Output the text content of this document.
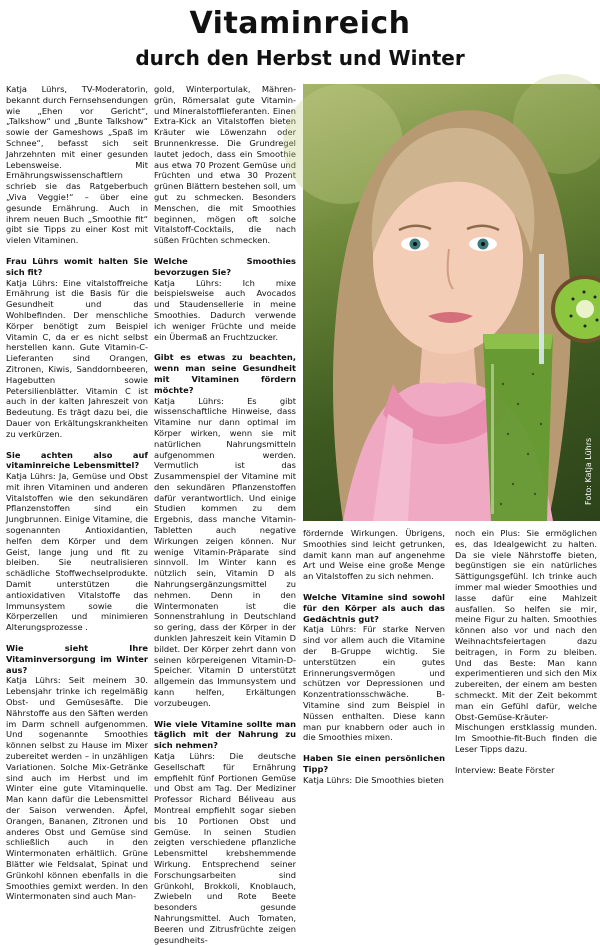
Vitaminreich
durch den Herbst und Winter

Katja Lührs, TV-Moderatorin, bekannt durch Fernsehsendungen wie „Ehen vor Gericht“, „Talkshow“ und „Bunte Talkshow“ sowie der Gameshows „Spaß im Schnee“, befasst sich seit Jahrzehnten mit einer gesunden Lebensweise. Mit Ernährungswissenschaftlern schrieb sie das Ratgeberbuch „Viva Veggie!“ – über eine gesunde Ernährung. Auch in ihrem neuen Buch „Smoothie fit“ gibt sie Tipps zu einer Kost mit vielen Vitaminen.

Frau Lührs womit halten Sie sich fit?

Katja Lührs: Eine vitalstoffreiche Ernährung ist die Basis für die Gesundheit und das Wohlbefinden. Der menschliche Körper benötigt zum Beispiel Vitamin C, da er es nicht selbst herstellen kann. Gute Vitamin-C-Lieferanten sind Orangen, Zitronen, Kiwis, Sanddornbeeren, Hagebutten sowie Petersilienblätter. Vitamin C ist auch in der kalten Jahreszeit von Bedeutung. Es trägt dazu bei, die Dauer von Erkältungskrankheiten zu verkürzen.

Sie achten also auf vitaminreiche Lebensmittel?

Katja Lührs: Ja, Gemüse und Obst mit ihren Vitaminen und anderen Vitalstoffen wie den sekundären Pflanzenstoffen sind ein Jungbrunnen. Einige Vitamine, die sogenannten Antioxidantien, helfen dem Körper und dem Geist, lange jung und fit zu bleiben. Sie neutralisieren schädliche Stoffwechselprodukte. Damit unterstützen die antioxidativen Vitalstoffe das Immunsystem sowie die Körperzellen und minimieren Alterungsprozesse .

Wie sieht Ihre Vitaminversorgung im Winter aus?

Katja Lührs: Seit meinem 30. Lebensjahr trinke ich regelmäßig Obst- und Gemüsesäfte. Die Nährstoffe aus den Säften werden im Darm schnell aufgenommen. Und sogenannte Smoothies können selbst zu Hause im Mixer zubereitet werden – in unzähligen Variationen. Solche Mix-Getränke sind auch im Herbst und im Winter eine gute Vitaminquelle. Man kann dafür die Lebensmittel der Saison verwenden. Äpfel, Orangen, Bananen, Zitronen und anderes Obst und Gemüse sind schließlich auch in den Wintermonaten erhältlich. Grüne Blätter wie Feldsalat, Spinat und Grünkohl können ebenfalls in die Smoothies gemixt werden. In den Wintermonaten sind auch Man-

gold, Winterportulak, Mährengrün, Römersalat gute Vitamin- und Mineralstofflieferanten. Einen Extra-Kick an Vitalstoffen bieten Kräuter wie Löwenzahn oder Brunnenkresse. Die Grundregel lautet jedoch, dass ein Smoothie aus etwa 70 Prozent Gemüse und Früchten und etwa 30 Prozent grünen Blättern bestehen soll, um gut zu schmecken. Besonders Menschen, die mit Smoothies beginnen, mögen oft solche Vitalstoff-Cocktails, die nach süßen Früchten schmecken.

Welche Smoothies bevorzugen Sie?

Katja Lührs: Ich mixe beispielsweise auch Avocados und Staudensellerie in meine Smoothies. Dadurch verwende ich weniger Früchte und meide ein Übermaß an Fruchtzucker.

Gibt es etwas zu beachten, wenn man seine Gesundheit mit Vitaminen fördern möchte?

Katja Lührs: Es gibt wissenschaftliche Hinweise, dass Vitamine nur dann optimal im Körper wirken, wenn sie mit natürlichen Nahrungsmitteln aufgenommen werden. Vermutlich ist das Zusammenspiel der Vitamine mit den sekundären Pflanzenstoffen dafür verantwortlich. Und einige Studien kommen zu dem Ergebnis, dass manche Vitamin-Tabletten auch negative Wirkungen zeigen können. Nur wenige Vitamin-Präparate sind sinnvoll. Im Winter kann es nützlich sein, Vitamin D als Nahrungsergänzungsmittel zu nehmen. Denn in den Wintermonaten ist die Sonnenstrahlung in Deutschland so gering, dass der Körper in der dunklen Jahreszeit kein Vitamin D bildet. Der Körper zehrt dann von seinen körpereigenen Vitamin-D-Speicher. Vitamin D unterstützt allgemein das Immunsystem und kann helfen, Erkältungen vorzubeugen.

Wie viele Vitamine sollte man täglich mit der Nahrung zu sich nehmen?

Katja Lührs: Die deutsche Gesellschaft für Ernährung empfiehlt fünf Portionen Gemüse und Obst am Tag. Der Mediziner Professor Richard Béliveau aus Montreal empfiehlt sogar sieben bis 10 Portionen Obst und Gemüse. In seinen Studien zeigten verschiedene pflanzliche Lebensmittel krebshemmende Wirkung. Entsprechend seiner Forschungsarbeiten sind Grünkohl, Brokkoli, Knoblauch, Zwiebeln und Rote Beete besonders gesunde Nahrungsmittel. Auch Tomaten, Beeren und Zitrusfrüchte zeigen gesundheits-

Foto: Katja Lührs

fördernde Wirkungen. Übrigens, Smoothies sind leicht getrunken, damit kann man auf angenehme Art und Weise eine große Menge an Vitalstoffen zu sich nehmen.

Welche Vitamine sind sowohl für den Körper als auch das Gedächtnis gut?

Katja Lührs: Für starke Nerven sind vor allem auch die Vitamine der B-Gruppe wichtig. Sie unterstützen ein gutes Erinnerungsvermögen und schützen vor Depressionen und Konzentrationsschwäche. B-Vitamine sind zum Beispiel in Nüssen enthalten. Diese kann man pur knabbern oder auch in die Smoothies mixen.

Haben Sie einen persönlichen Tipp?

Katja Lührs: Die Smoothies bieten

noch ein Plus: Sie ermöglichen es, das Idealgewicht zu halten. Da sie viele Nährstoffe bieten, begünstigen sie ein natürliches Sättigungsgefühl. Ich trinke auch immer mal wieder Smoothies und lasse dafür eine Mahlzeit ausfallen. So helfen sie mir, meine Figur zu halten. Smoothies können also vor und nach den Weihnachtsfeiertagen dazu beitragen, in Form zu bleiben. Und das Beste: Man kann experimentieren und sich den Mix zubereiten, der einem am besten schmeckt. Mit der Zeit bekommt man ein Gefühl dafür, welche Obst-Gemüse-Kräuter-Mischungen erstklassig munden. Im Smoothie-fit-Buch finden die Leser Tipps dazu.

Interview: Beate Förster
